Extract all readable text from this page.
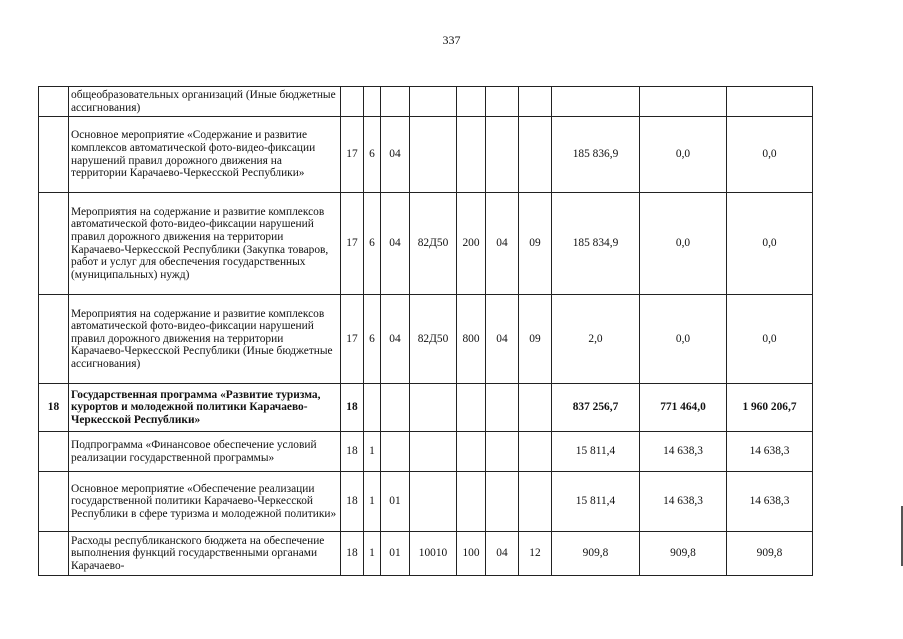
337
	общеобразовательных организаций (Иные бюджетные ассигнования)										
	Основное мероприятие «Содержание и развитие комплексов автоматической фото-видео-фиксации нарушений правил дорожного движения на территории Карачаево-Черкесской Республики»	17	6	04					185 836,9	0,0	0,0
	Мероприятия на содержание и развитие комплексов автоматической фото-видео-фиксации нарушений правил дорожного движения на территории Карачаево-Черкесской Республики (Закупка товаров, работ и услуг для обеспечения государственных (муниципальных) нужд)	17	6	04	82Д50	200	04	09	185 834,9	0,0	0,0
	Мероприятия на содержание и развитие комплексов автоматической фото-видео-фиксации нарушений правил дорожного движения на территории Карачаево-Черкесской Республики (Иные бюджетные ассигнования)	17	6	04	82Д50	800	04	09	2,0	0,0	0,0
18	Государственная программа «Развитие туризма, курортов и молодежной политики Карачаево-Черкесской Республики»	18							837 256,7	771 464,0	1 960 206,7
	Подпрограмма «Финансовое обеспечение условий реализации государственной программы»	18	1						15 811,4	14 638,3	14 638,3
	Основное мероприятие «Обеспечение реализации государственной политики Карачаево-Черкесской Республики в сфере туризма и молодежной политики»	18	1	01					15 811,4	14 638,3	14 638,3
	Расходы республиканского бюджета на обеспечение выполнения функций государственными органами Карачаево-	18	1	01	10010	100	04	12	909,8	909,8	909,8
